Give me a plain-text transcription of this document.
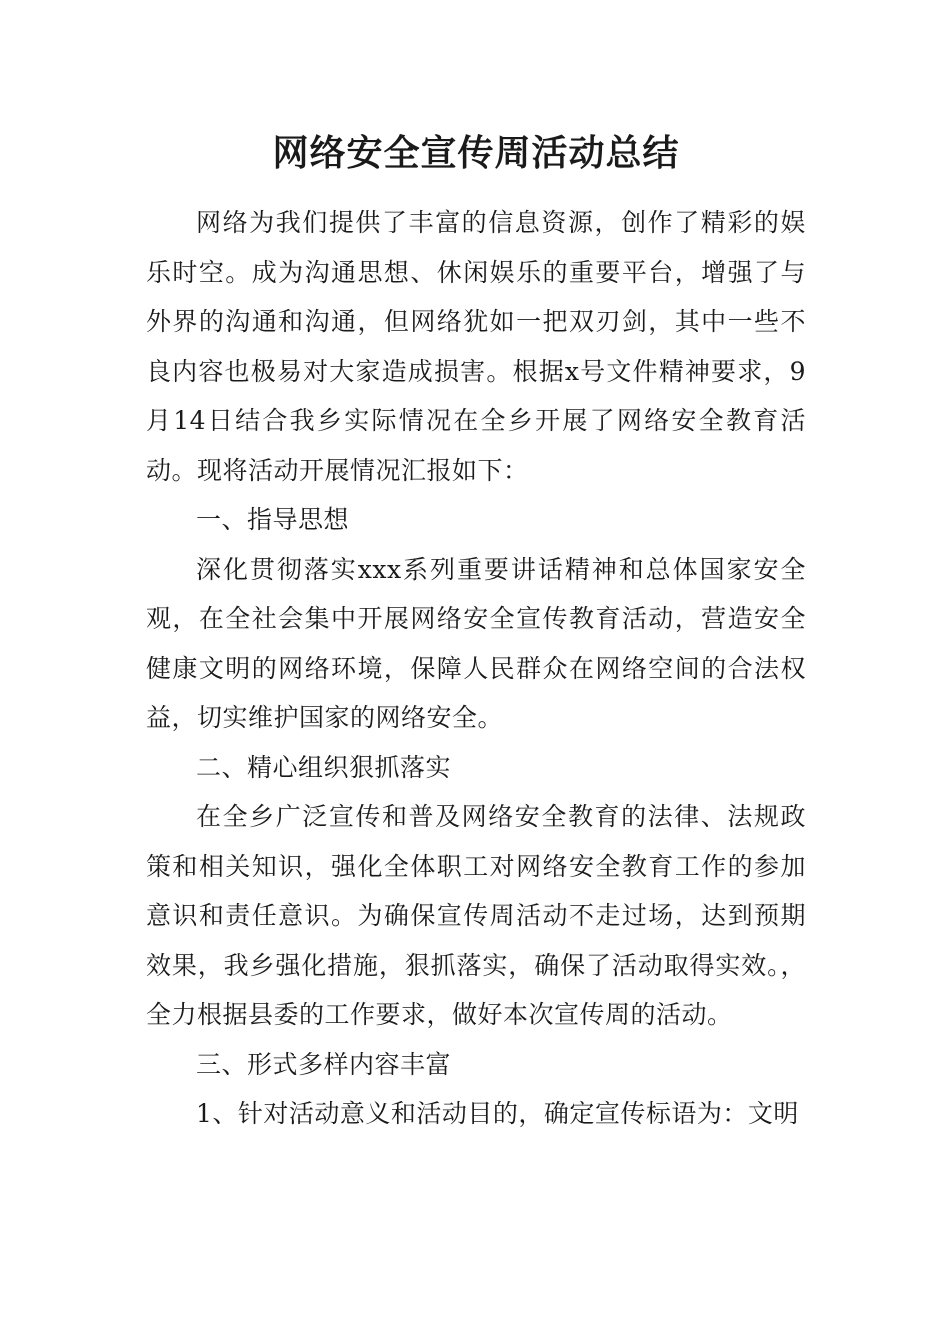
网络安全宣传周活动总结

网络为我们提供了丰富的信息资源，创作了精彩的娱乐时空。成为沟通思想、休闲娱乐的重要平台，增强了与外界的沟通和沟通，但网络犹如一把双刃剑，其中一些不良内容也极易对大家造成损害。根据x号文件精神要求，9月14日结合我乡实际情况在全乡开展了网络安全教育活动。现将活动开展情况汇报如下：

一、指导思想

深化贯彻落实xxx系列重要讲话精神和总体国家安全观，在全社会集中开展网络安全宣传教育活动，营造安全健康文明的网络环境，保障人民群众在网络空间的合法权益，切实维护国家的网络安全。

二、精心组织狠抓落实

在全乡广泛宣传和普及网络安全教育的法律、法规政策和相关知识，强化全体职工对网络安全教育工作的参加意识和责任意识。为确保宣传周活动不走过场，达到预期效果，我乡强化措施，狠抓落实，确保了活动取得实效。，全力根据县委的工作要求，做好本次宣传周的活动。

三、形式多样内容丰富

1、针对活动意义和活动目的，确定宣传标语为：文明
